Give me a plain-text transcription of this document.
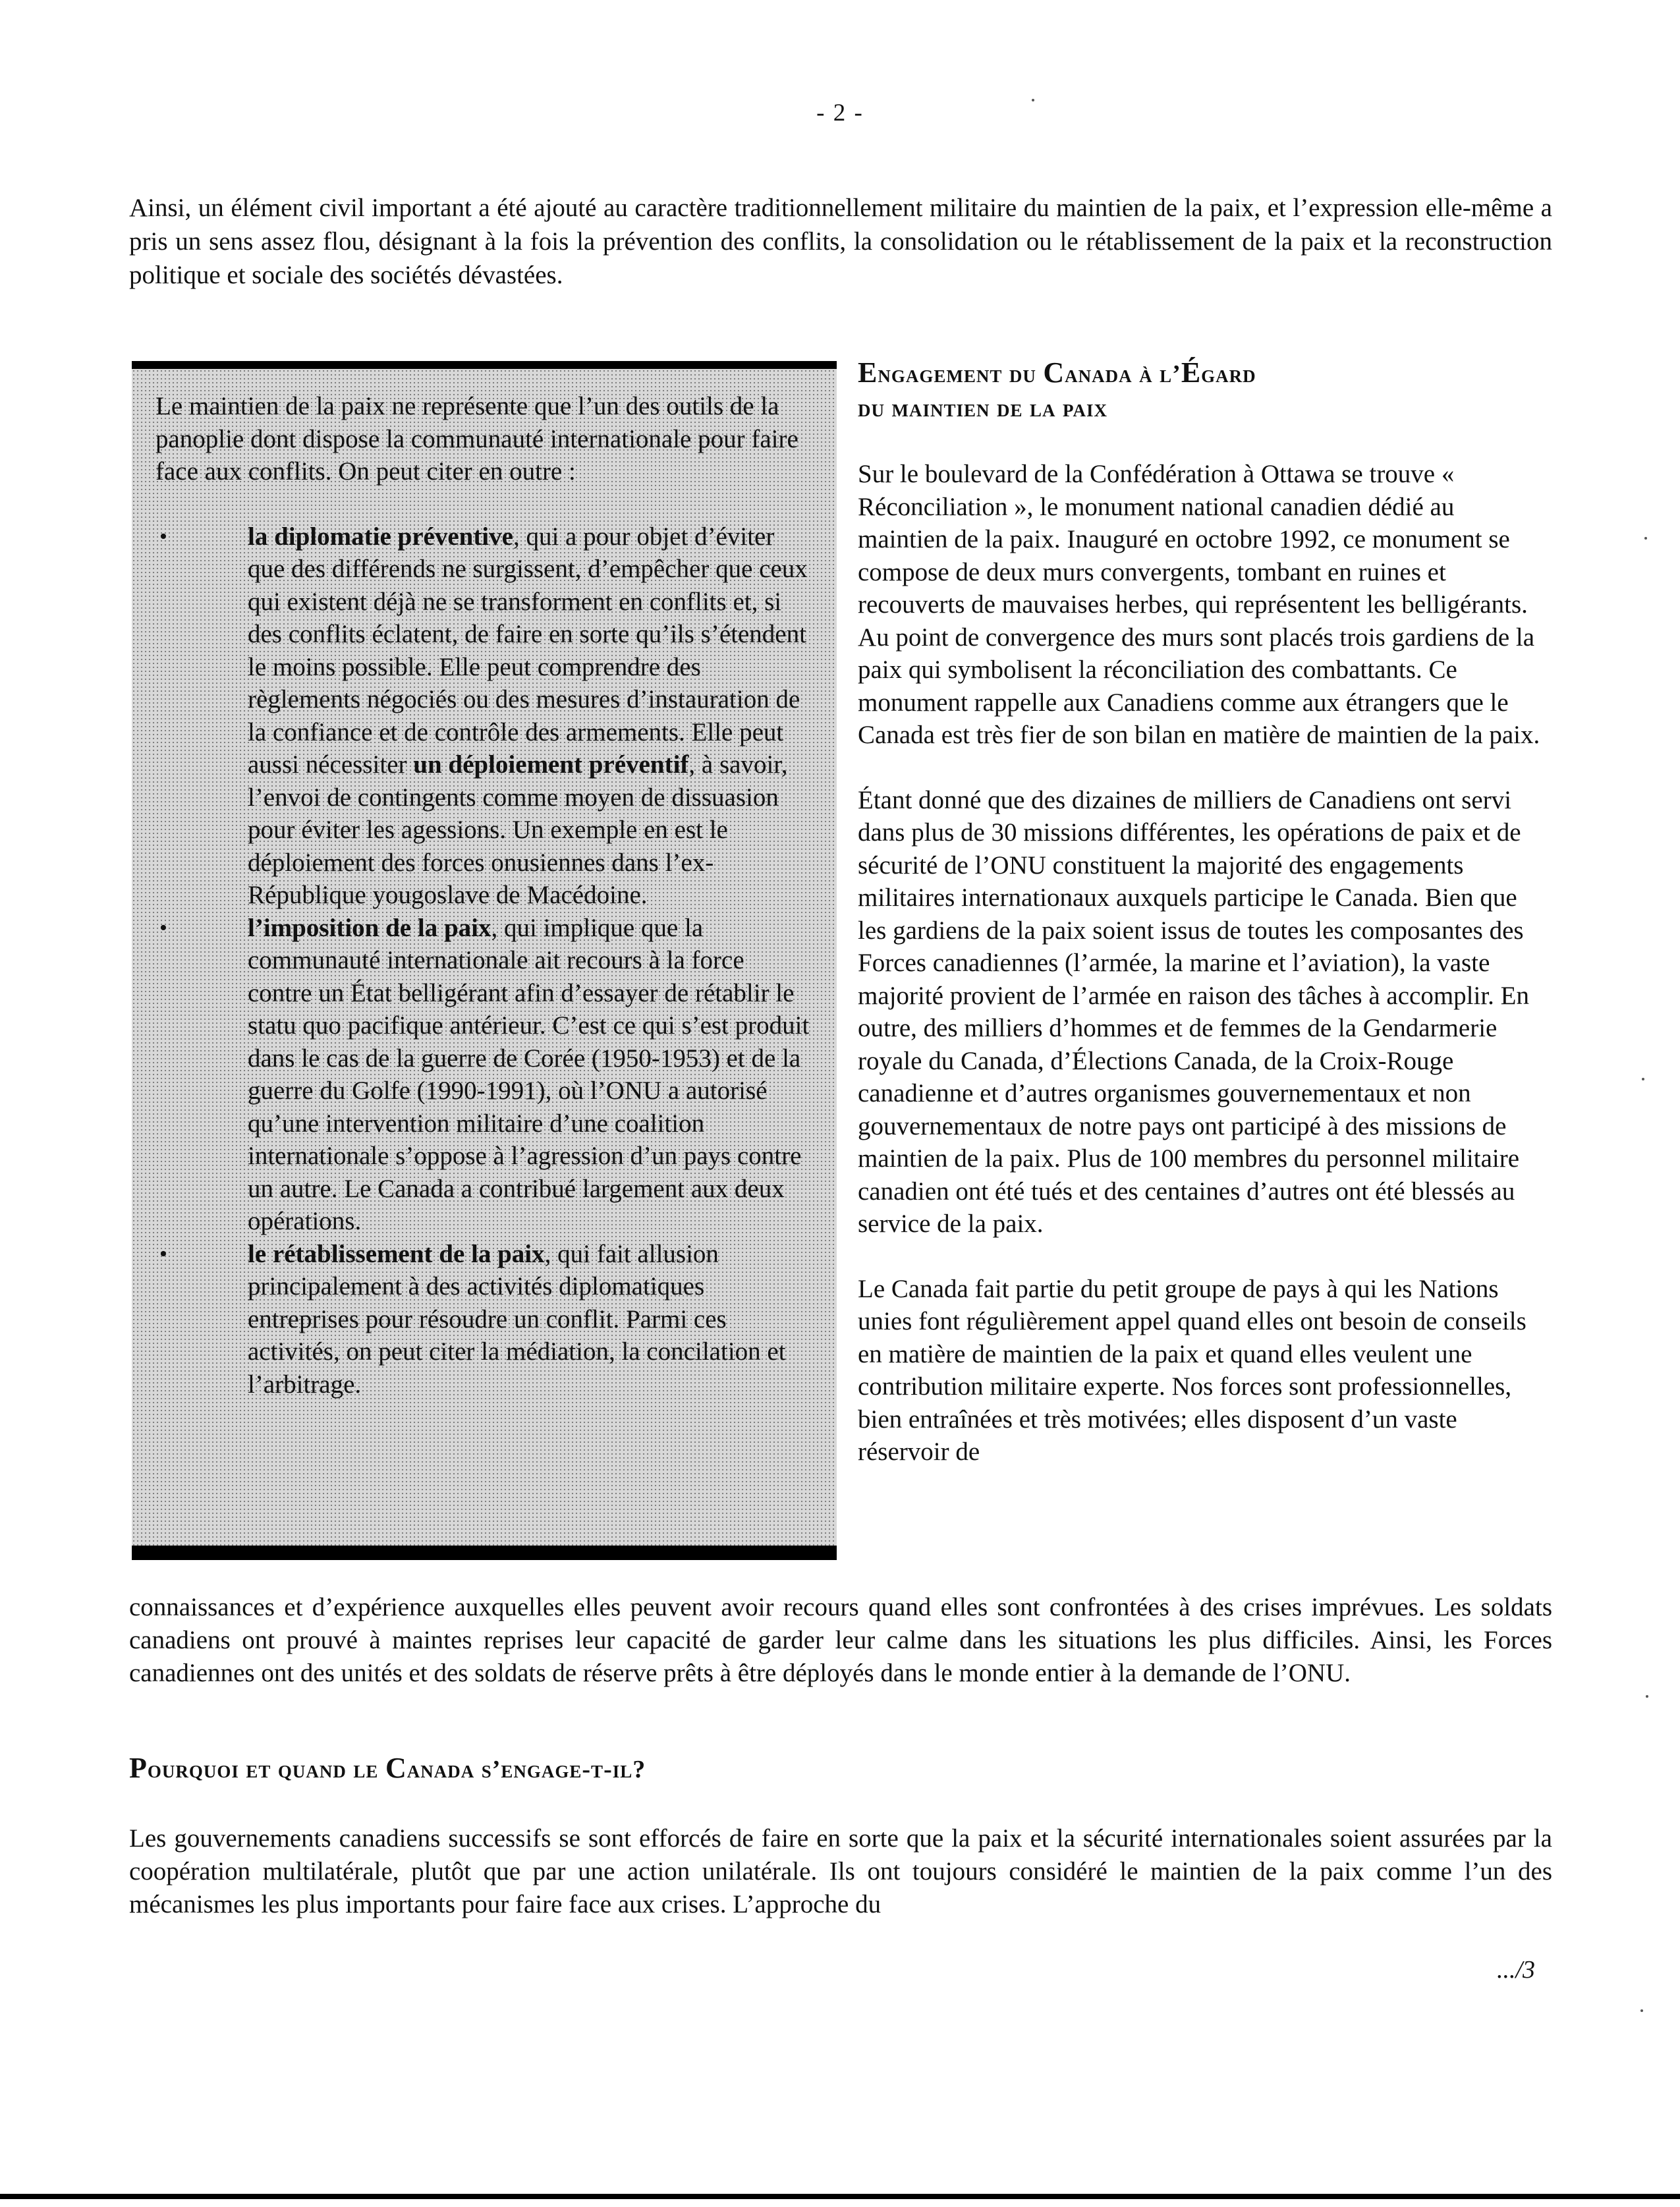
- 2 -

Ainsi, un élément civil important a été ajouté au caractère traditionnellement militaire du maintien de la paix, et l’expression elle-même a pris un sens assez flou, désignant à la fois la prévention des conflits, la consolidation ou le rétablissement de la paix et la reconstruction politique et sociale des sociétés dévastées.

Le maintien de la paix ne représente que l’un des outils de la panoplie dont dispose la communauté internationale pour faire face aux conflits. On peut citer en outre :

•	la diplomatie préventive, qui a pour objet d’éviter que des différends ne surgissent, d’empêcher que ceux qui existent déjà ne se transforment en conflits et, si des conflits éclatent, de faire en sorte qu’ils s’étendent le moins possible. Elle peut comprendre des règlements négociés ou des mesures d’instauration de la confiance et de contrôle des armements. Elle peut aussi nécessiter un déploiement préventif, à savoir, l’envoi de contingents comme moyen de dissuasion pour éviter les agessions. Un exemple en est le déploiement des forces onusiennes dans l’ex-République yougoslave de Macédoine.
•	l’imposition de la paix, qui implique que la communauté internationale ait recours à la force contre un État belligérant afin d’essayer de rétablir le statu quo pacifique antérieur. C’est ce qui s’est produit dans le cas de la guerre de Corée (1950-1953) et de la guerre du Golfe (1990-1991), où l’ONU a autorisé qu’une intervention militaire d’une coalition internationale s’oppose à l’agression d’un pays contre un autre. Le Canada a contribué largement aux deux opérations.
•	le rétablissement de la paix, qui fait allusion principalement à des activités diplomatiques entreprises pour résoudre un conflit. Parmi ces activités, on peut citer la médiation, la concilation et l’arbitrage.
Engagement du Canada à l’Égard
du maintien de la paix

Sur le boulevard de la Confédération à Ottawa se trouve « Réconciliation », le monument national canadien dédié au maintien de la paix. Inauguré en octobre 1992, ce monument se compose de deux murs convergents, tombant en ruines et recouverts de mauvaises herbes, qui représentent les belligérants. Au point de convergence des murs sont placés trois gardiens de la paix qui symbolisent la réconciliation des combattants. Ce monument rappelle aux Canadiens comme aux étrangers que le Canada est très fier de son bilan en matière de maintien de la paix.

Étant donné que des dizaines de milliers de Canadiens ont servi dans plus de 30 missions différentes, les opérations de paix et de sécurité de l’ONU constituent la majorité des engagements militaires internationaux auxquels participe le Canada. Bien que les gardiens de la paix soient issus de toutes les composantes des Forces canadiennes (l’armée, la marine et l’aviation), la vaste majorité provient de l’armée en raison des tâches à accomplir. En outre, des milliers d’hommes et de femmes de la Gendarmerie royale du Canada, d’Élections Canada, de la Croix-Rouge canadienne et d’autres organismes gouvernementaux et non gouvernementaux de notre pays ont participé à des missions de maintien de la paix. Plus de 100 membres du personnel militaire canadien ont été tués et des centaines d’autres ont été blessés au service de la paix.

Le Canada fait partie du petit groupe de pays à qui les Nations unies font régulièrement appel quand elles ont besoin de conseils en matière de maintien de la paix et quand elles veulent une contribution militaire experte. Nos forces sont professionnelles, bien entraînées et très motivées; elles disposent d’un vaste réservoir de

connaissances et d’expérience auxquelles elles peuvent avoir recours quand elles sont confrontées à des crises imprévues. Les soldats canadiens ont prouvé à maintes reprises leur capacité de garder leur calme dans les situations les plus difficiles. Ainsi, les Forces canadiennes ont des unités et des soldats de réserve prêts à être déployés dans le monde entier à la demande de l’ONU.

Pourquoi et quand le Canada s’engage-t-il?

Les gouvernements canadiens successifs se sont efforcés de faire en sorte que la paix et la sécurité internationales soient assurées par la coopération multilatérale, plutôt que par une action unilatérale. Ils ont toujours considéré le maintien de la paix comme l’un des mécanismes les plus importants pour faire face aux crises. L’approche du

.../3
